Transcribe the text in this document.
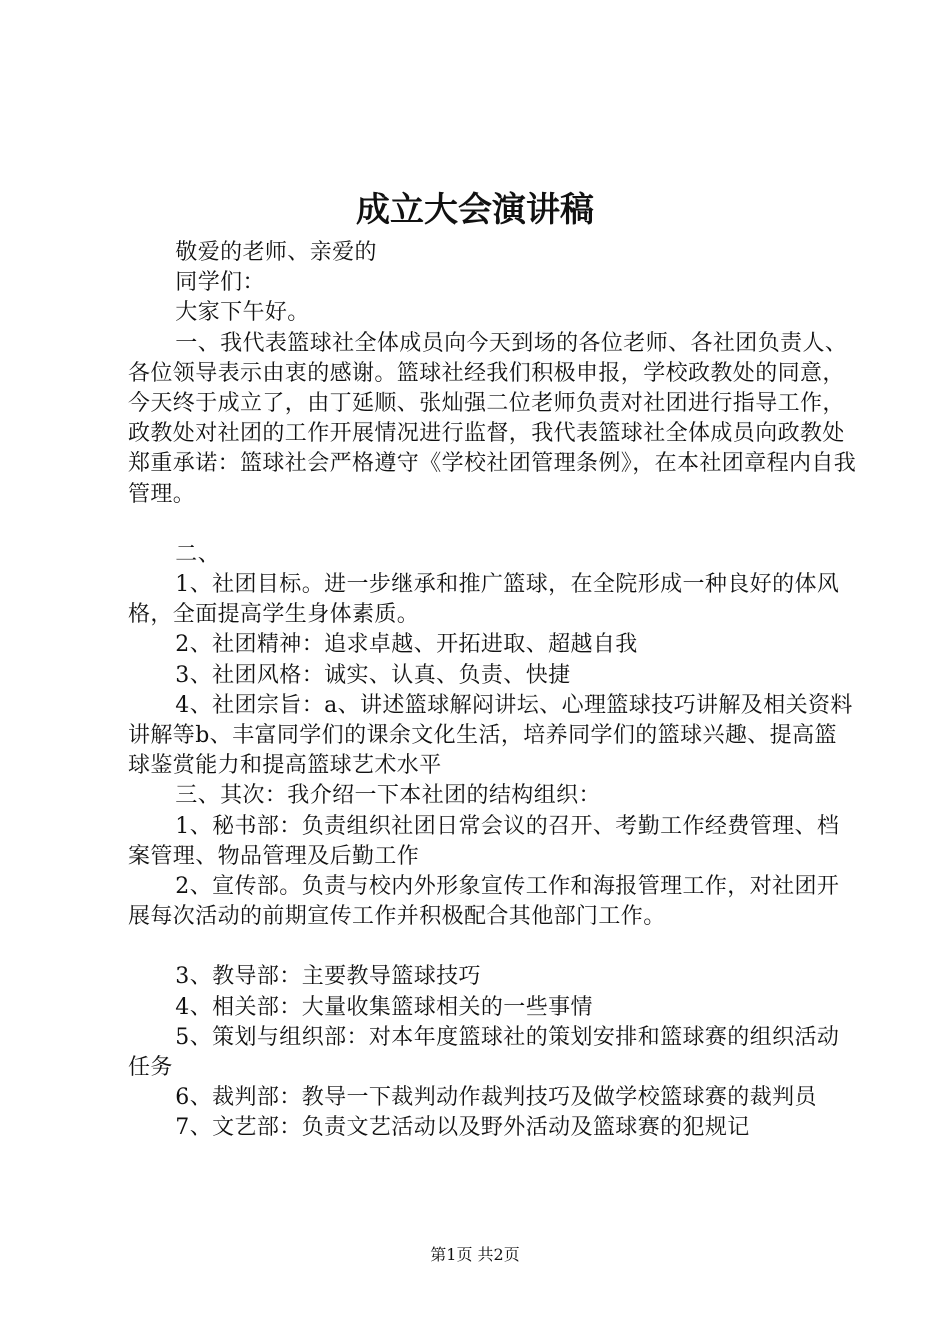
成立大会演讲稿

敬爱的老师、亲爱的

同学们：

大家下午好。

一、我代表篮球社全体成员向今天到场的各位老师、各社团负责人、各位领导表示由衷的感谢。篮球社经我们积极申报，学校政教处的同意，今天终于成立了，由丁延顺、张灿强二位老师负责对社团进行指导工作，政教处对社团的工作开展情况进行监督，我代表篮球社全体成员向政教处郑重承诺：篮球社会严格遵守《学校社团管理条例》，在本社团章程内自我管理。

二、

1、社团目标。进一步继承和推广篮球，在全院形成一种良好的体风格，全面提高学生身体素质。

2、社团精神：追求卓越、开拓进取、超越自我

3、社团风格：诚实、认真、负责、快捷

4、社团宗旨：a、讲述篮球解闷讲坛、心理篮球技巧讲解及相关资料讲解等b、丰富同学们的课余文化生活，培养同学们的篮球兴趣、提高篮球鉴赏能力和提高篮球艺术水平

三、其次：我介绍一下本社团的结构组织：

1、秘书部：负责组织社团日常会议的召开、考勤工作经费管理、档案管理、物品管理及后勤工作

2、宣传部。负责与校内外形象宣传工作和海报管理工作，对社团开展每次活动的前期宣传工作并积极配合其他部门工作。

3、教导部：主要教导篮球技巧

4、相关部：大量收集篮球相关的一些事情

5、策划与组织部：对本年度篮球社的策划安排和篮球赛的组织活动任务

6、裁判部：教导一下裁判动作裁判技巧及做学校篮球赛的裁判员

7、文艺部：负责文艺活动以及野外活动及篮球赛的犯规记

第1页 共2页
